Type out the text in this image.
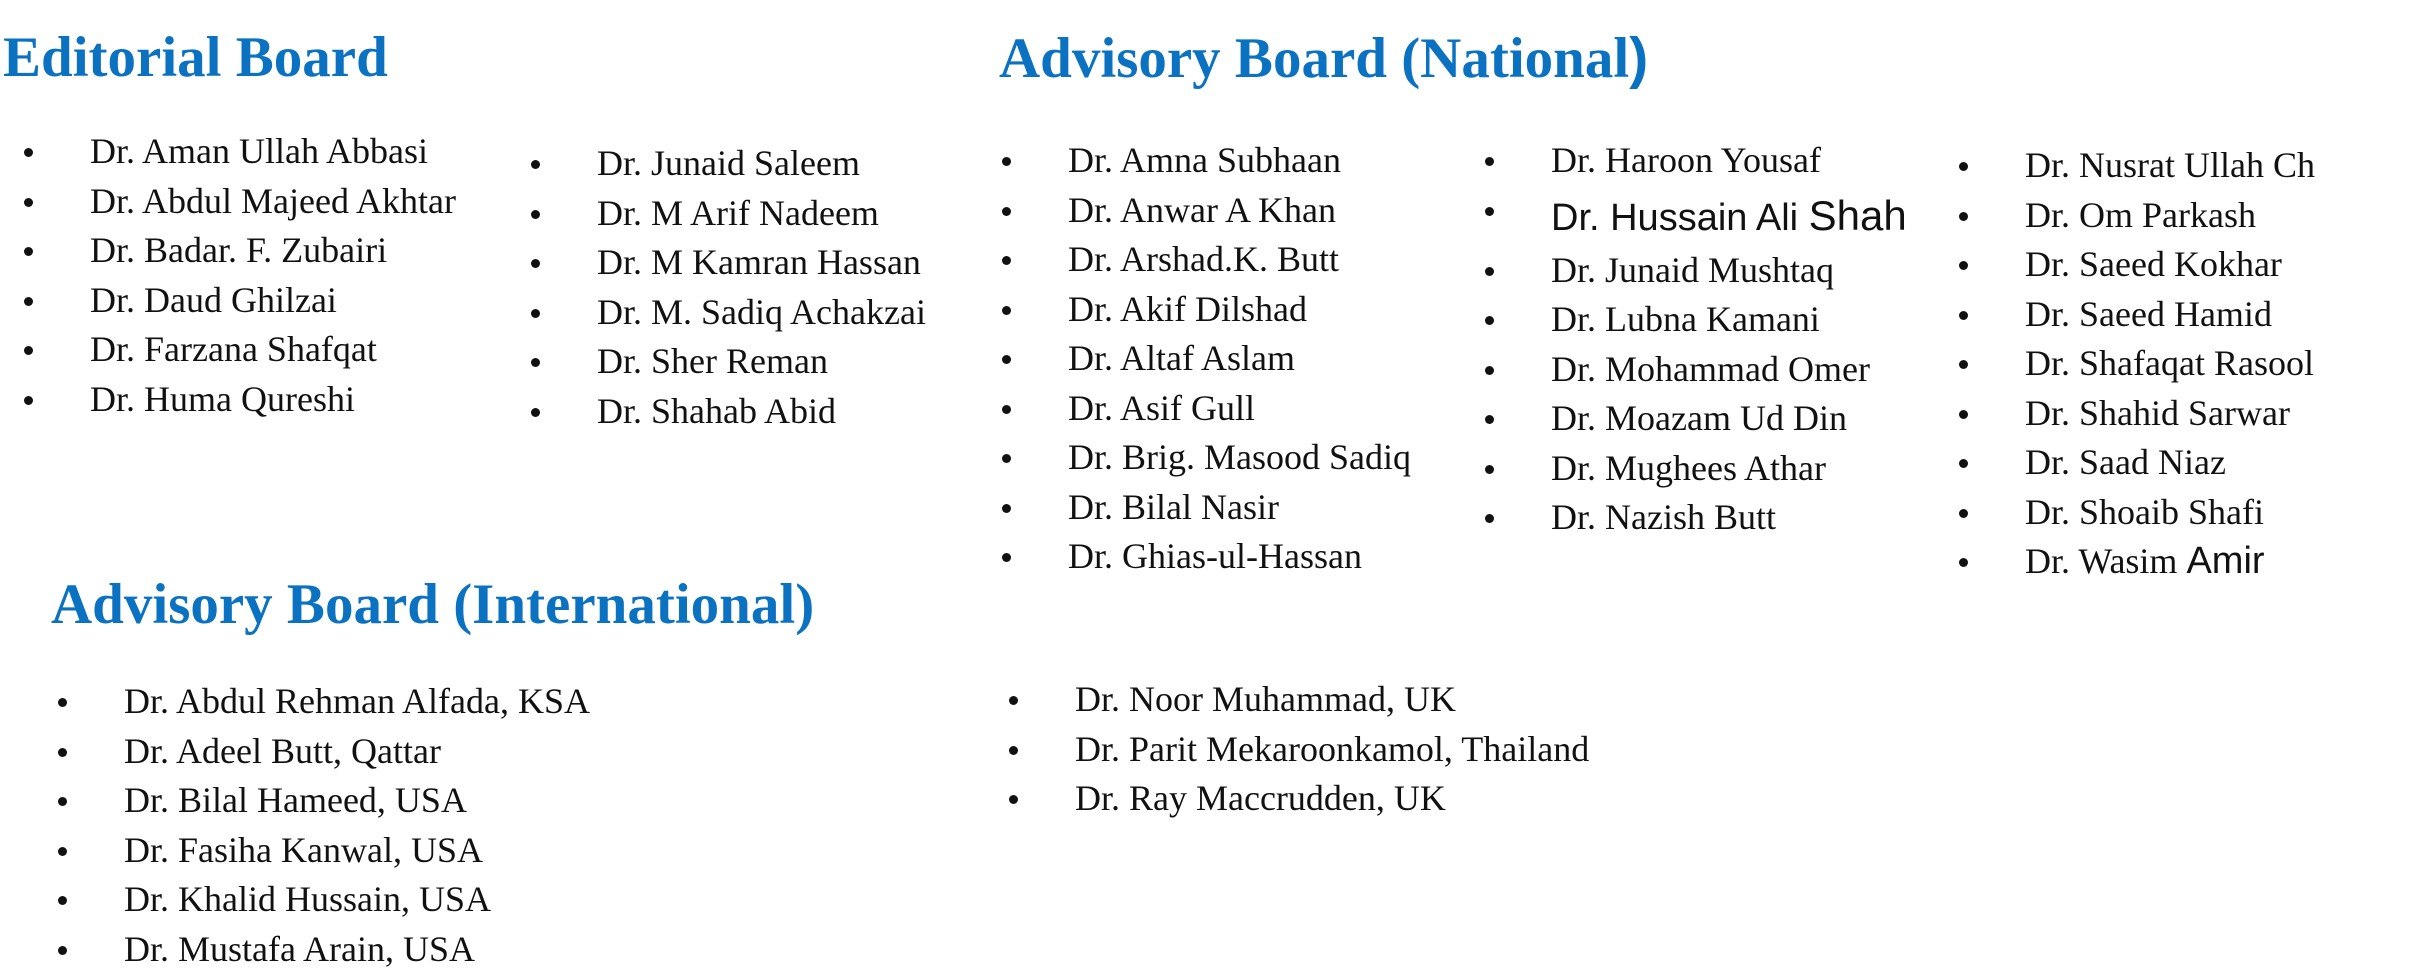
Editorial Board
Dr. Aman Ullah Abbasi
Dr. Abdul Majeed Akhtar
Dr. Badar. F. Zubairi
Dr. Daud Ghilzai
Dr. Farzana Shafqat
Dr. Huma Qureshi
Dr. Junaid Saleem
Dr. M Arif Nadeem
Dr. M Kamran Hassan
Dr. M. Sadiq Achakzai
Dr. Sher Reman
Dr. Shahab Abid
Advisory Board (National)
Dr. Amna Subhaan
Dr. Anwar A Khan
Dr. Arshad.K. Butt
Dr. Akif Dilshad
Dr. Altaf Aslam
Dr. Asif Gull
Dr. Brig. Masood Sadiq
Dr. Bilal Nasir
Dr. Ghias-ul-Hassan
Dr. Haroon Yousaf
Dr. Hussain Ali Shah
Dr. Junaid Mushtaq
Dr. Lubna Kamani
Dr. Mohammad Omer
Dr. Moazam Ud Din
Dr. Mughees Athar
Dr. Nazish Butt
Dr. Nusrat Ullah Ch
Dr. Om Parkash
Dr. Saeed Kokhar
Dr. Saeed Hamid
Dr. Shafaqat Rasool
Dr. Shahid Sarwar
Dr. Saad Niaz
Dr. Shoaib Shafi
Dr. Wasim Amir
Advisory Board (International)
Dr. Abdul Rehman Alfada, KSA
Dr. Adeel Butt, Qattar
Dr. Bilal Hameed, USA
Dr. Fasiha Kanwal, USA
Dr. Khalid Hussain, USA
Dr. Mustafa Arain, USA
Dr. Noor Muhammad, UK
Dr. Parit Mekaroonkamol, Thailand
Dr. Ray Maccrudden, UK
